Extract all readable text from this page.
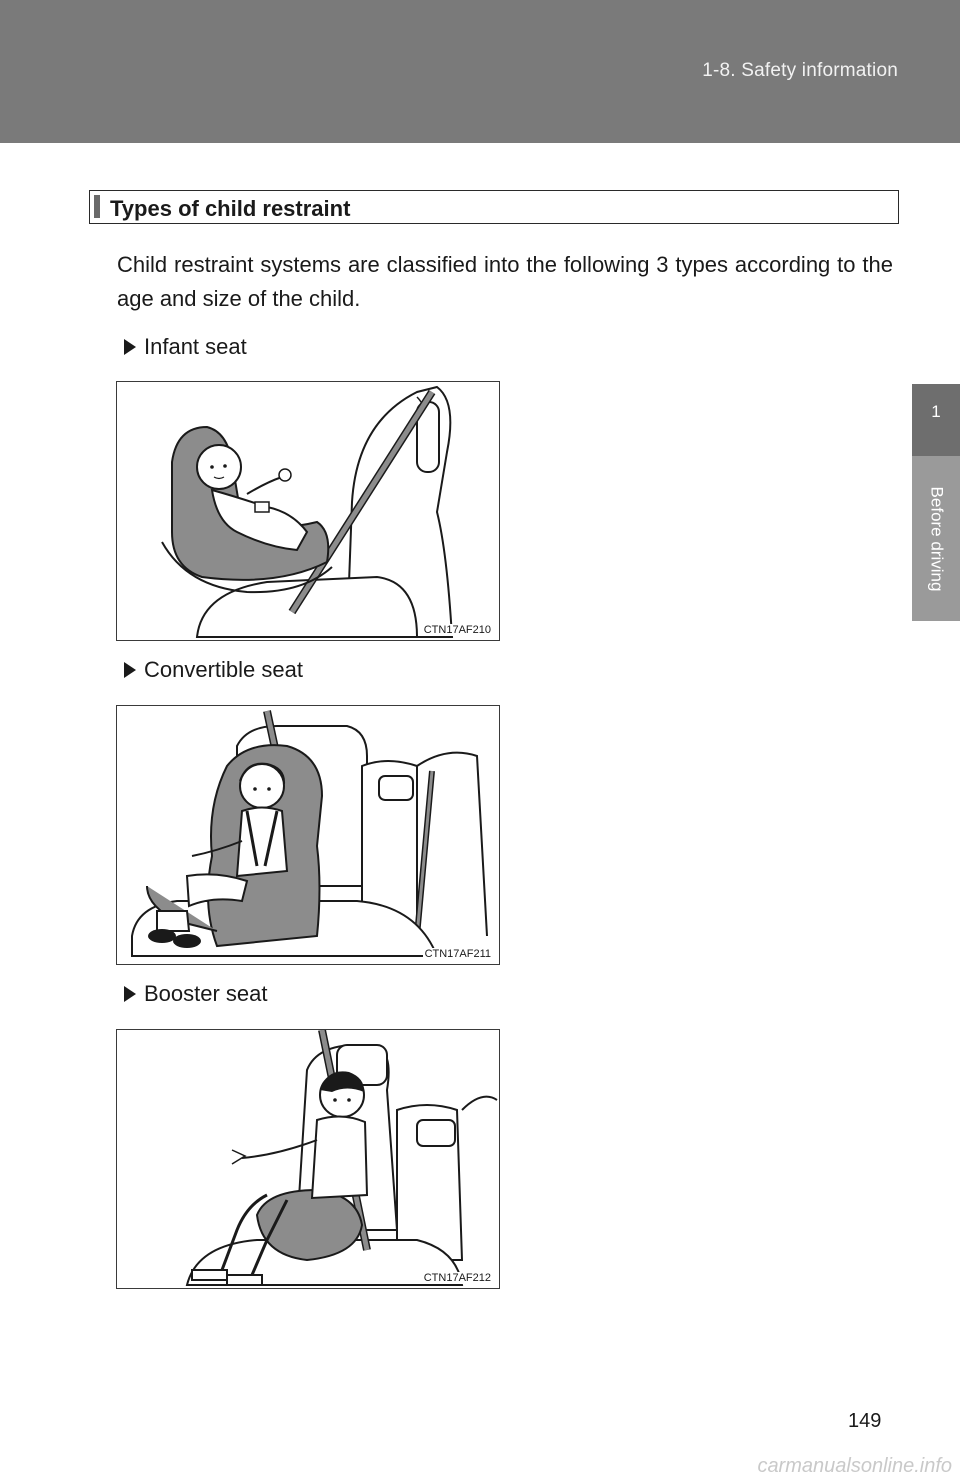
1-8. Safety information
1
Before driving
Types of child restraint
Child restraint systems are classified into the following 3 types according to the age and size of the child.
Infant seat
CTN17AF210
Convertible seat
CTN17AF211
Booster seat
CTN17AF212
149
carmanualsonline.info
